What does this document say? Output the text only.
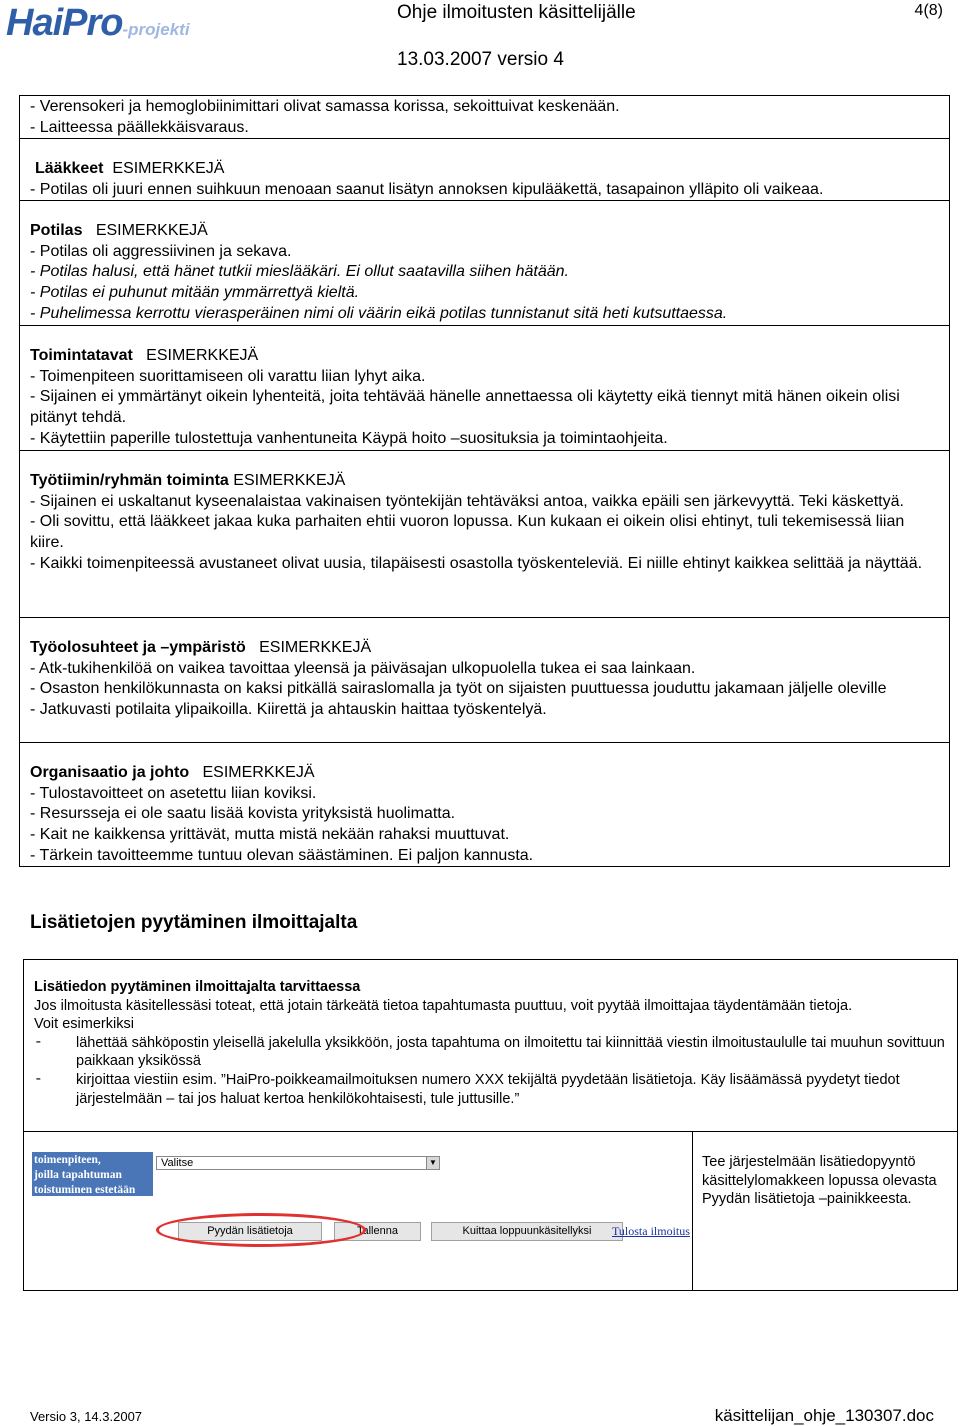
HaiPro-projekti
Ohje ilmoitusten käsittelijälle	4(8)
13.03.2007 versio 4

- Verensokeri ja hemoglobiinimittari olivat samassa korissa, sekoittuivat keskenään.

- Laitteessa päällekkäisvaraus.

Lääkkeet ESIMERKKEJÄ

- Potilas oli juuri ennen suihkuun menoaan saanut lisätyn annoksen kipulääkettä, tasapainon ylläpito oli vaikeaa.

Potilas ESIMERKKEJÄ

- Potilas oli aggressiivinen ja sekava.

- Potilas halusi, että hänet tutkii mieslääkäri. Ei ollut saatavilla siihen hätään.

- Potilas ei puhunut mitään ymmärrettyä kieltä.

- Puhelimessa kerrottu vierasperäinen nimi oli väärin eikä potilas tunnistanut sitä heti kutsuttaessa.

Toimintatavat ESIMERKKEJÄ

- Toimenpiteen suorittamiseen oli varattu liian lyhyt aika.

- Sijainen ei ymmärtänyt oikein lyhenteitä, joita tehtävää hänelle annettaessa oli käytetty eikä tiennyt mitä hänen oikein olisi pitänyt tehdä.

- Käytettiin paperille tulostettuja vanhentuneita Käypä hoito –suosituksia ja toimintaohjeita.

Työtiimin/ryhmän toiminta ESIMERKKEJÄ

- Sijainen ei uskaltanut kyseenalaistaa vakinaisen työntekijän tehtäväksi antoa, vaikka epäili sen järkevyyttä. Teki käskettyä.

- Oli sovittu, että lääkkeet jakaa kuka parhaiten ehtii vuoron lopussa. Kun kukaan ei oikein olisi ehtinyt, tuli tekemisessä liian kiire.

- Kaikki toimenpiteessä avustaneet olivat uusia, tilapäisesti osastolla työskenteleviä. Ei niille ehtinyt kaikkea selittää ja näyttää.

Työolosuhteet ja –ympäristö ESIMERKKEJÄ

- Atk-tukihenkilöä on vaikea tavoittaa yleensä ja päiväsajan ulkopuolella tukea ei saa lainkaan.

- Osaston henkilökunnasta on kaksi pitkällä sairaslomalla ja työt on sijaisten puuttuessa jouduttu jakamaan jäljelle oleville

- Jatkuvasti potilaita ylipaikoilla. Kiirettä ja ahtauskin haittaa työskentelyä.

Organisaatio ja johto ESIMERKKEJÄ

- Tulostavoitteet on asetettu liian koviksi.

- Resursseja ei ole saatu lisää kovista yrityksistä huolimatta.

- Kait ne kaikkensa yrittävät, mutta mistä nekään rahaksi muuttuvat.

- Tärkein tavoitteemme tuntuu olevan säästäminen. Ei paljon kannusta.

Lisätietojen pyytäminen ilmoittajalta

Lisätiedon pyytäminen ilmoittajalta tarvittaessa

Jos ilmoitusta käsitellessäsi toteat, että jotain tärkeätä tietoa tapahtumasta puuttuu, voit pyytää ilmoittajaa täydentämään tietoja.

Voit esimerkiksi

- lähettää sähköpostin yleisellä jakelulla yksikköön, josta tapahtuma on ilmoitettu tai kiinnittää viestin ilmoitustaululle tai muuhun sovittuun paikkaan yksikössä
- kirjoittaa viestiin esim. ”HaiPro-poikkeamailmoituksen numero XXX tekijältä pyydetään lisätietoja. Käy lisäämässä pyydetyt tiedot järjestelmään – tai jos haluat kertoa henkilökohtaisesti, tule juttusille.”
toimenpiteen,
joilla tapahtuman
toistuminen estetään
Valitse	▼
Pyydän lisätietoja	Tallenna	Kuittaa loppuunkäsitellyksi	Tulosta ilmoitus
Tee järjestelmään lisätiedopyyntö käsittelylomakkeen lopussa olevasta Pyydän lisätietoja –painikkeesta.
Versio 3, 14.3.2007	käsittelijan_ohje_130307.doc
